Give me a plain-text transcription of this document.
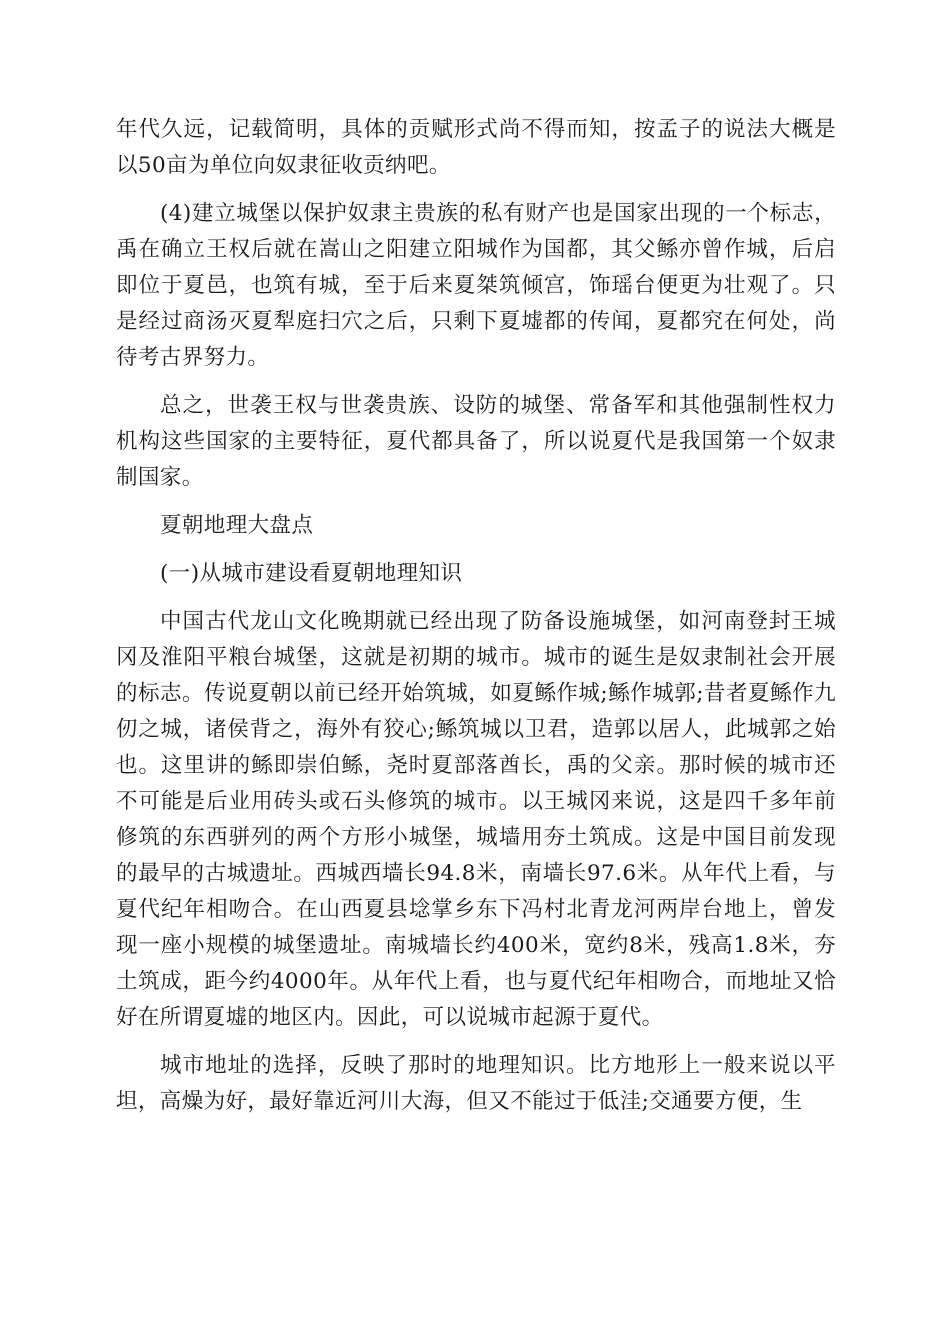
年代久远，记载简明，具体的贡赋形式尚不得而知，按孟子的说法大概是以50亩为单位向奴隶征收贡纳吧。

(4)建立城堡以保护奴隶主贵族的私有财产也是国家出现的一个标志，禹在确立王权后就在嵩山之阳建立阳城作为国都，其父鲧亦曾作城，后启即位于夏邑，也筑有城，至于后来夏桀筑倾宫，饰瑶台便更为壮观了。只是经过商汤灭夏犁庭扫穴之后，只剩下夏墟都的传闻，夏都究在何处，尚待考古界努力。

总之，世袭王权与世袭贵族、设防的城堡、常备军和其他强制性权力机构这些国家的主要特征，夏代都具备了，所以说夏代是我国第一个奴隶制国家。

夏朝地理大盘点

(一)从城市建设看夏朝地理知识

中国古代龙山文化晚期就已经出现了防备设施城堡，如河南登封王城冈及淮阳平粮台城堡，这就是初期的城市。城市的诞生是奴隶制社会开展的标志。传说夏朝以前已经开始筑城，如夏鲧作城;鲧作城郭;昔者夏鲧作九仞之城，诸侯背之，海外有狡心;鲧筑城以卫君，造郭以居人，此城郭之始也。这里讲的鲧即崇伯鲧，尧时夏部落酋长，禹的父亲。那时候的城市还不可能是后业用砖头或石头修筑的城市。以王城冈来说，这是四千多年前修筑的东西骈列的两个方形小城堡，城墙用夯土筑成。这是中国目前发现的最早的古城遗址。西城西墙长94.8米，南墙长97.6米。从年代上看，与夏代纪年相吻合。在山西夏县埝掌乡东下冯村北青龙河两岸台地上，曾发现一座小规模的城堡遗址。南城墙长约400米，宽约8米，残高1.8米，夯土筑成，距今约4000年。从年代上看，也与夏代纪年相吻合，而地址又恰好在所谓夏墟的地区内。因此，可以说城市起源于夏代。

城市地址的选择，反映了那时的地理知识。比方地形上一般来说以平坦，高燥为好，最好靠近河川大海，但又不能过于低洼;交通要方便，生
